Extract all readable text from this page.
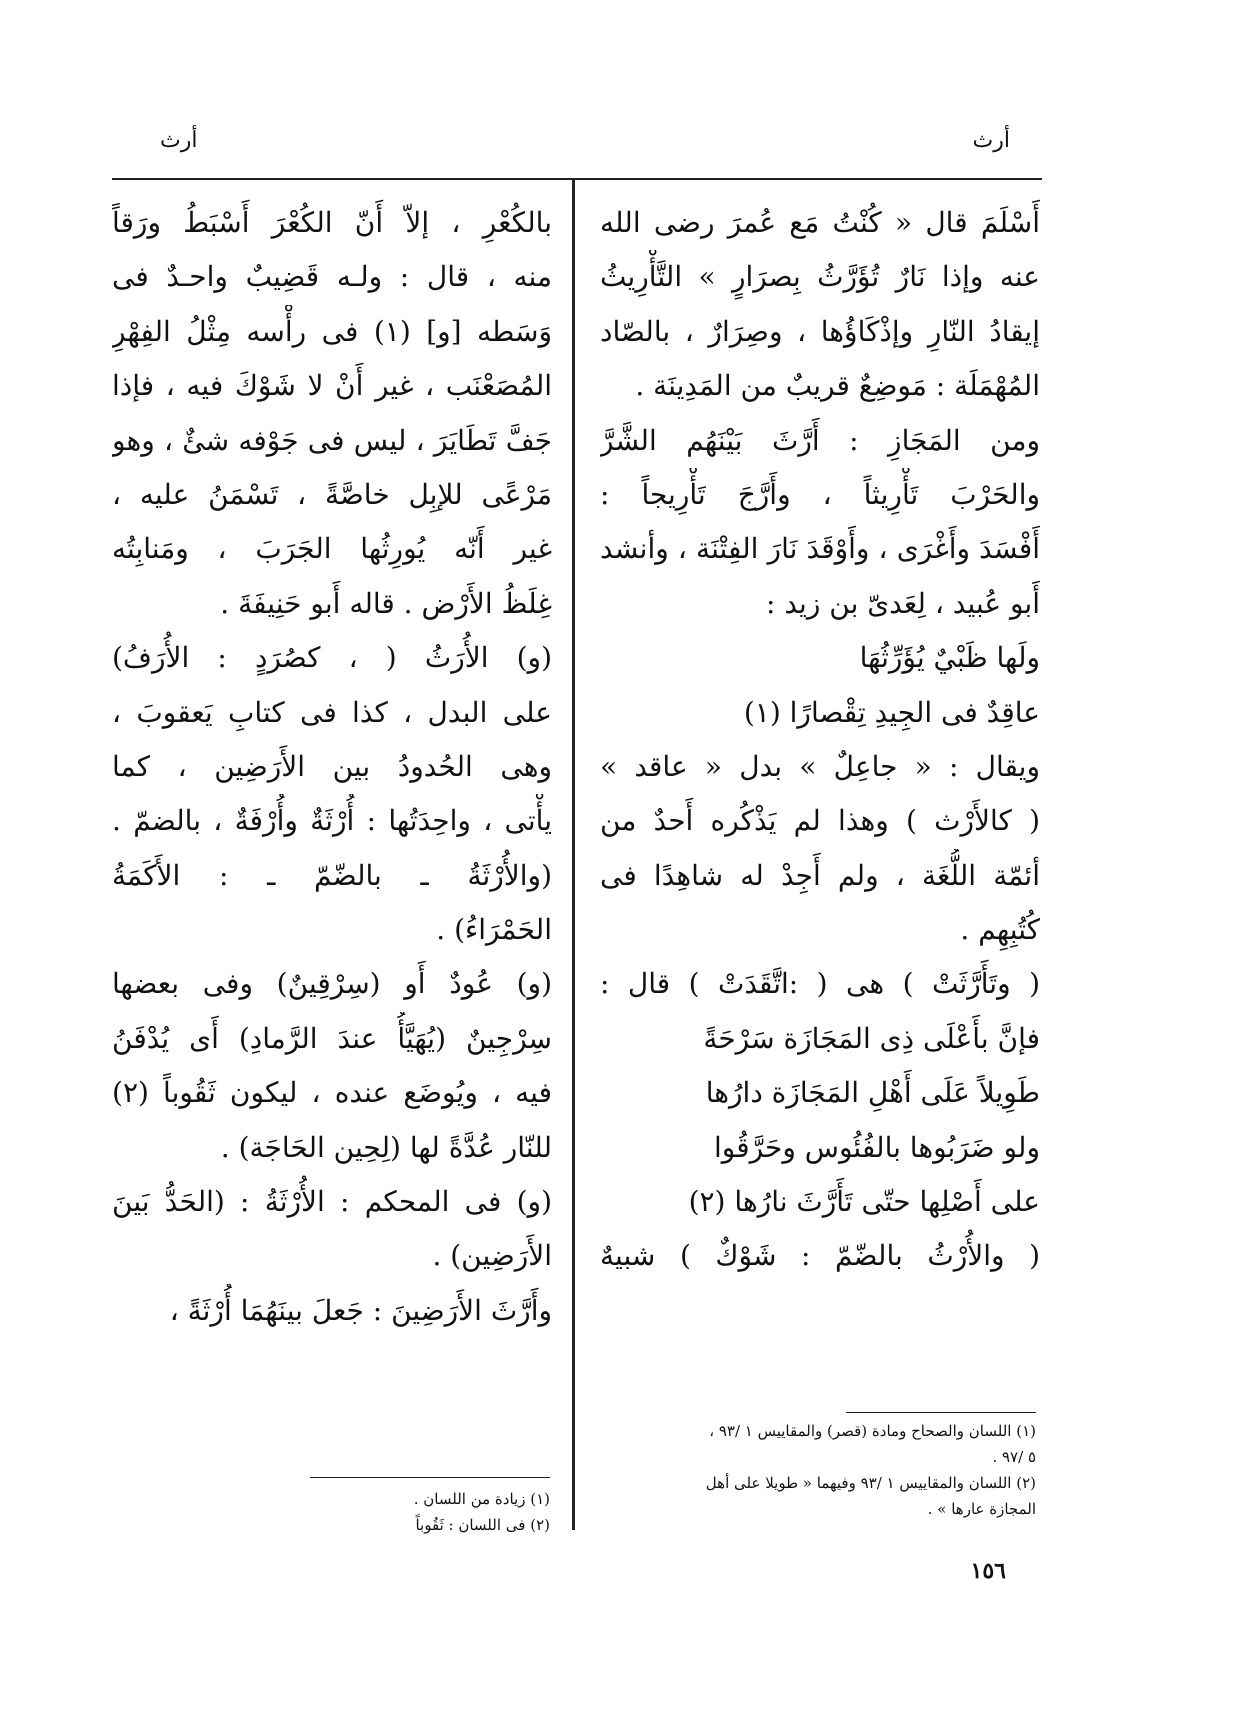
أرث
أرث
أَسْلَمَ قال « كُنْتُ مَع عُمرَ رضى الله
عنه وإذا نَارٌ تُؤَرَّثُ بِصرَارٍ » التَّأْرِيثُ
إيقادُ النّارِ وإذْكَاؤُها ، وصِرَارٌ ، بالصّاد
المُهْمَلَة : مَوضِعٌ قريبٌ من المَدِينَة .
ومن المَجَازِ : أَرَّثَ بَيْنَهُم الشَّرَّ
والحَرْبَ تَأْرِيثاً ، وأَرَّجَ تَأْرِيجاً :
أَفْسَدَ وأَغْرَى ، وأَوْقَدَ نَارَ الفِتْنَة ، وأنشد
أَبو عُبيد ، لِعَدىّ بن زيد :
ولَها ظَبْيٌ يُؤَرِّثُهَا
عاقِدٌ فى الجِيدِ تِقْصارًا (١)
ويقال : « جاعِلٌ » بدل « عاقد »
( كالأَرْث ) وهذا لم يَذْكُره أَحدٌ من
أئمّة اللُّغَة ، ولم أَجِدْ له شاهِدًا فى
كُتُبِهِم .
( وتَأَرَّثَتْ ) هى ( :اتَّقَدَتْ ) قال :
فإنَّ بأَعْلَى ذِى المَجَازَة سَرْحَةً
طَوِيلاً عَلَى أَهْلِ المَجَازَة دارُها
ولو ضَرَبُوها بالفُئُوس وحَرَّقُوا
على أَصْلِها حتّى تَأَرَّثَ نارُها (٢)
( والأُرْثُ بالضّمّ : شَوْكٌ ) شبيهٌ
بالكُعْرِ ، إلاّ أَنّ الكُعْرَ أَسْبَطُ ورَقاً
منه ، قال : ولـه قَضِيبٌ واحـدٌ فى
وَسَطه [و] (١) فى رأْسه مِثْلُ الفِهْرِ
المُصَعْنَب ، غير أَنْ لا شَوْكَ فيه ، فإذا
جَفَّ تَطَايَرَ ، ليس فى جَوْفه شئٌ ، وهو
مَرْعًى للإبِل خاصَّةً ، تَسْمَنُ عليه ،
غير أَنّه يُورِثُها الجَرَبَ ، ومَنابِتُه
غِلَظُ الأَرْض . قاله أَبو حَنِيفَةَ .
(و) الأُرَثُ ( ، كصُرَدٍ : الأُرَفُ)
على البدل ، كذا فى كتابِ يَعقوبَ ،
وهى الحُدودُ بين الأَرَضِين ، كما
يأْتى ، واحِدَتُها : أُرْثَةٌ وأُرْفَةٌ ، بالضمّ .
(والأُرْثَةُ ـ بالضّمّ ـ : الأَكَمَةُ
الحَمْرَاءُ) .
(و) عُودٌ أَو (سِرْقِينٌ) وفى بعضها
سِرْجِينٌ (يُهَيَّأُ عندَ الرَّمادِ) أَى يُدْفَنُ
فيه ، ويُوضَع عنده ، ليكون ثَقُوباً (٢)
للنّار عُدَّةً لها (لِحِين الحَاجَة) .
(و) فى المحكم : الأُرْثَةُ : (الحَدُّ بَينَ
الأَرَضِين) .
وأَرَّثَ الأَرَضِينَ : جَعلَ بينَهُمَا أُرْثَةً ،
(١) اللسان والصحاح ومادة (قصر) والمقاييس ١ /٩٣ ،
٥ /٩٧ .
(٢) اللسان والمقاييس ١ /٩٣ وفيهما « طويلا على أهل
المجازة عارها » .
(١) زيادة من اللسان .
(٢) فى اللسان : ثَقُوباً
١٥٦
